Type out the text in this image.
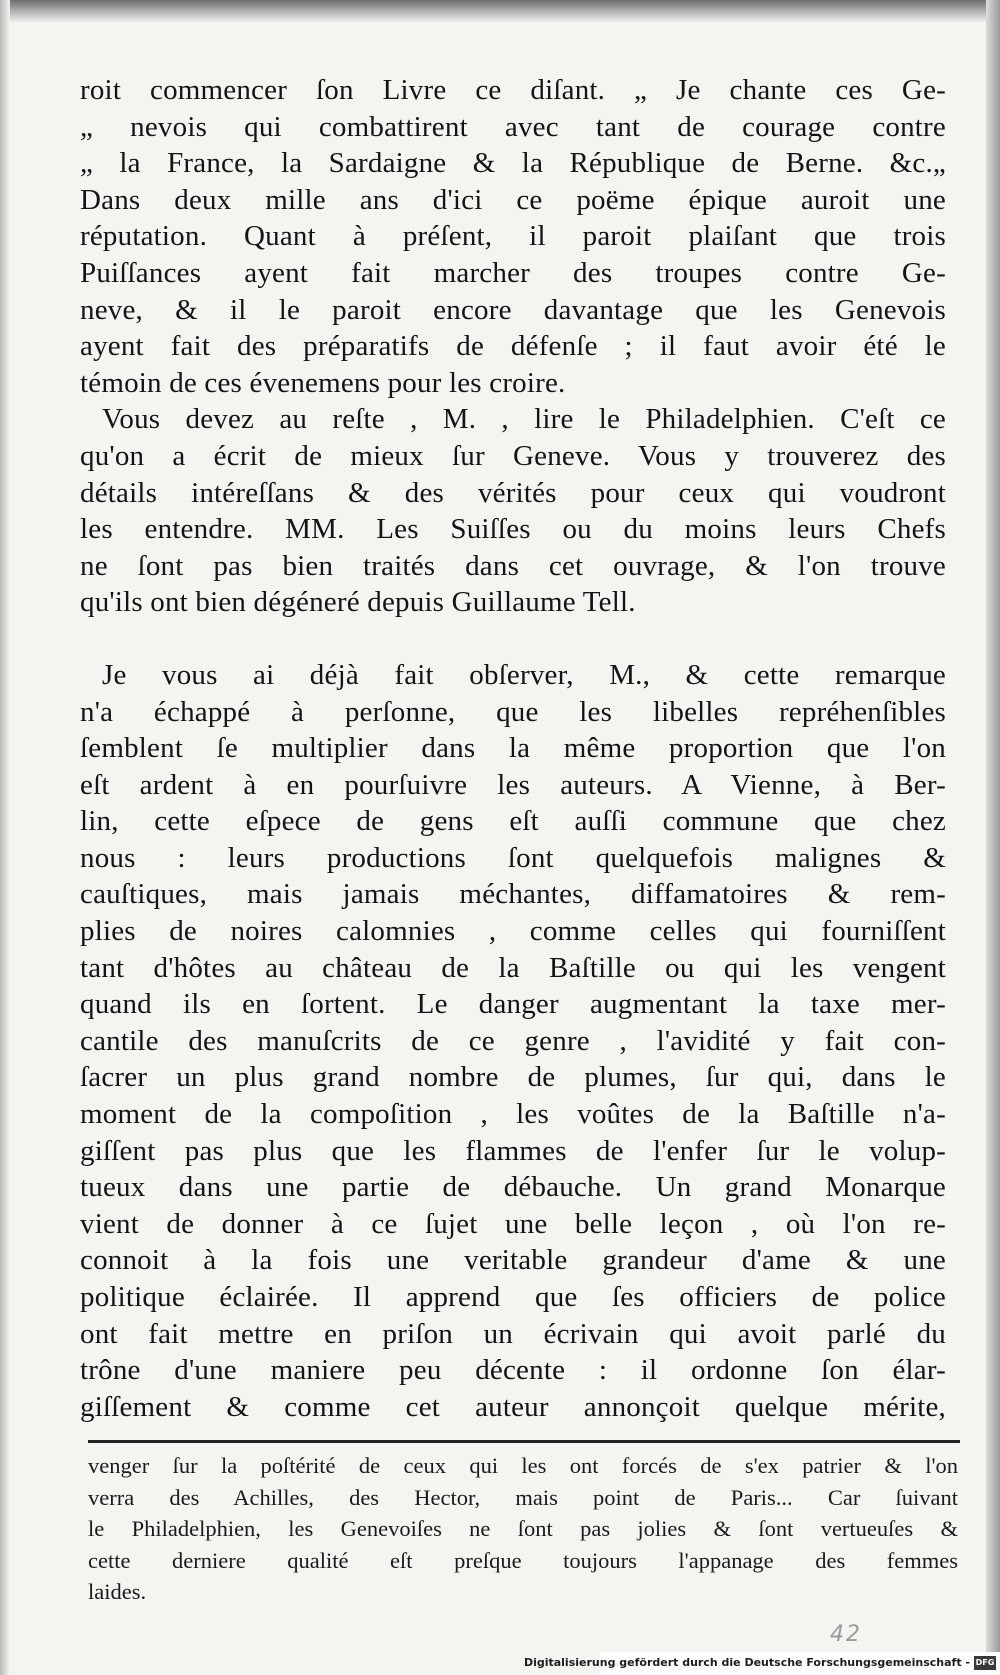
roit commencer ſon Livre ce diſant. „ Je chante ces Ge-
„ nevois qui combattirent avec tant de courage contre
„ la France, la Sardaigne & la République de Berne. &c.„
Dans deux mille ans d'ici ce poëme épique auroit une
réputation. Quant à préſent, il paroit plaiſant que trois
Puiſſances ayent fait marcher des troupes contre Ge-
neve, & il le paroit encore davantage que les Genevois
ayent fait des préparatifs de défenſe ; il faut avoir été le
témoin de ces évenemens pour les croire.
Vous devez au reſte , M. , lire le Philadelphien. C'eſt ce
qu'on a écrit de mieux ſur Geneve. Vous y trouverez des
détails intéreſſans & des vérités pour ceux qui voudront
les entendre. MM. Les Suiſſes ou du moins leurs Chefs
ne ſont pas bien traités dans cet ouvrage, & l'on trouve
qu'ils ont bien dégéneré depuis Guillaume Tell.
Je vous ai déjà fait obſerver, M., & cette remarque
n'a échappé à perſonne, que les libelles repréhenſibles
ſemblent ſe multiplier dans la même proportion que l'on
eſt ardent à en pourſuivre les auteurs. A Vienne, à Ber-
lin, cette eſpece de gens eſt auſſi commune que chez
nous : leurs productions ſont quelquefois malignes &
cauſtiques, mais jamais méchantes, diffamatoires & rem-
plies de noires calomnies , comme celles qui fourniſſent
tant d'hôtes au château de la Baſtille ou qui les vengent
quand ils en ſortent. Le danger augmentant la taxe mer-
cantile des manuſcrits de ce genre , l'avidité y fait con-
ſacrer un plus grand nombre de plumes, ſur qui, dans le
moment de la compoſition , les voûtes de la Baſtille n'a-
giſſent pas plus que les flammes de l'enfer ſur le volup-
tueux dans une partie de débauche. Un grand Monarque
vient de donner à ce ſujet une belle leçon , où l'on re-
connoit à la fois une veritable grandeur d'ame & une
politique éclairée. Il apprend que ſes officiers de police
ont fait mettre en priſon un écrivain qui avoit parlé du
trône d'une maniere peu décente : il ordonne ſon élar-
giſſement & comme cet auteur annonçoit quelque mérite,
venger ſur la poſtérité de ceux qui les ont forcés de s'ex patrier & l'on
verra des Achilles, des Hector, mais point de Paris... Car ſuivant
le Philadelphien, les Genevoiſes ne ſont pas jolies & ſont vertueuſes &
cette derniere qualité eſt preſque toujours l'appanage des femmes
laides.
42
Digitalisierung gefördert durch die Deutsche Forschungsgemeinschaft - DFG
